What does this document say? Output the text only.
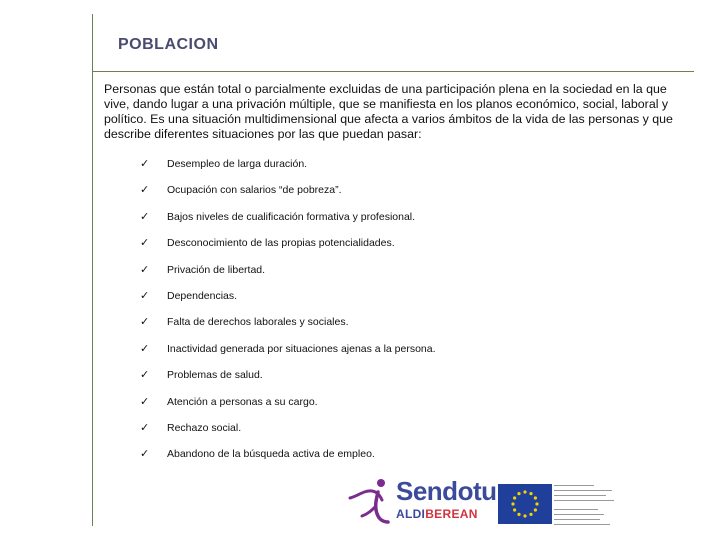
POBLACION
Personas que están total o parcialmente excluidas de una participación plena en la sociedad en la que vive, dando lugar a una privación múltiple, que se manifiesta en los planos económico, social, laboral y político. Es una situación multidimensional que afecta a varios ámbitos de la vida de las personas y que describe diferentes situaciones por las que puedan pasar:
✓ Desempleo de larga duración.
✓ Ocupación con salarios “de pobreza”.
✓ Bajos niveles de cualificación formativa y profesional.
✓ Desconocimiento de las propias potencialidades.
✓ Privación de libertad.
✓ Dependencias.
✓ Falta de derechos laborales y sociales.
✓ Inactividad generada por situaciones ajenas a la persona.
✓ Problemas de salud.
✓ Atención a personas a su cargo.
✓ Rechazo social.
✓ Abandono de la búsqueda activa de empleo.
Sendotu
ALDIBEREAN
